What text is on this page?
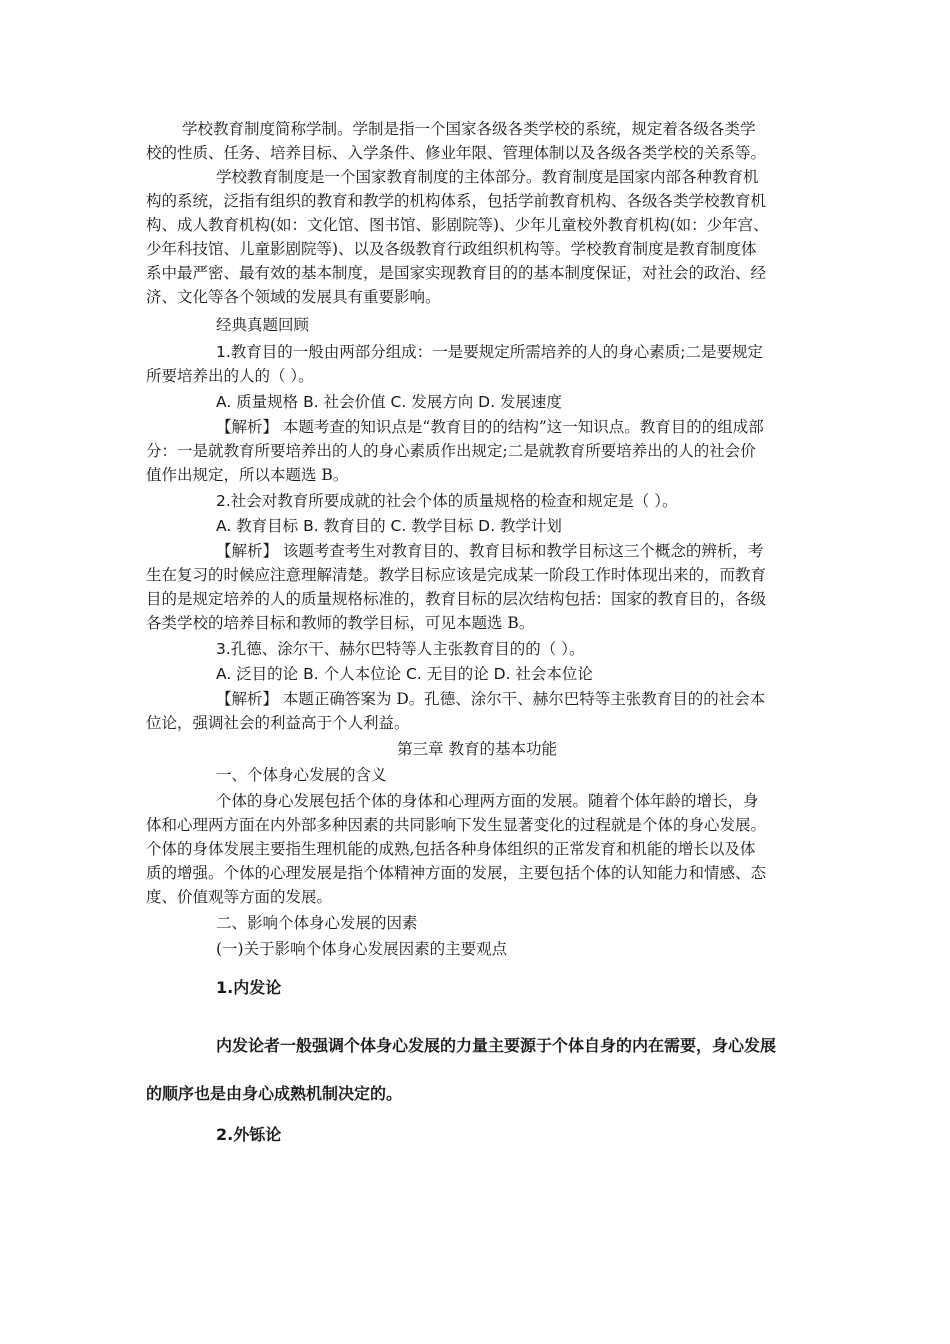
学校教育制度简称学制。学制是指一个国家各级各类学校的系统，规定着各级各类学
校的性质、任务、培养目标、入学条件、修业年限、管理体制以及各级各类学校的关系等。

学校教育制度是一个国家教育制度的主体部分。教育制度是国家内部各种教育机
构的系统，泛指有组织的教育和教学的机构体系，包括学前教育机构、各级各类学校教育机
构、成人教育机构(如：文化馆、图书馆、影剧院等)、少年儿童校外教育机构(如：少年宫、
少年科技馆、儿童影剧院等)、以及各级教育行政组织机构等。学校教育制度是教育制度体
系中最严密、最有效的基本制度，是国家实现教育目的的基本制度保证，对社会的政治、经
济、文化等各个领域的发展具有重要影响。

经典真题回顾

1.教育目的一般由两部分组成：一是要规定所需培养的人的身心素质;二是要规定
所要培养出的人的（ ）。

A. 质量规格 B. 社会价值 C. 发展方向 D. 发展速度

【解析】 本题考查的知识点是“教育目的的结构”这一知识点。教育目的的组成部
分：一是就教育所要培养出的人的身心素质作出规定;二是就教育所要培养出的人的社会价
值作出规定，所以本题选 B。

2.社会对教育所要成就的社会个体的质量规格的检查和规定是（ ）。

A. 教育目标 B. 教育目的 C. 教学目标 D. 教学计划

【解析】 该题考查考生对教育目的、教育目标和教学目标这三个概念的辨析，考
生在复习的时候应注意理解清楚。教学目标应该是完成某一阶段工作时体现出来的，而教育
目的是规定培养的人的质量规格标准的，教育目标的层次结构包括：国家的教育目的，各级
各类学校的培养目标和教师的教学目标，可见本题选 B。

3.孔德、涂尔干、赫尔巴特等人主张教育目的的（ ）。

A. 泛目的论 B. 个人本位论 C. 无目的论 D. 社会本位论

【解析】 本题正确答案为 D。孔德、涂尔干、赫尔巴特等主张教育目的的社会本
位论，强调社会的利益高于个人利益。

第三章 教育的基本功能

一、个体身心发展的含义

个体的身心发展包括个体的身体和心理两方面的发展。随着个体年龄的增长，身
体和心理两方面在内外部多种因素的共同影响下发生显著变化的过程就是个体的身心发展。
个体的身体发展主要指生理机能的成熟,包括各种身体组织的正常发育和机能的增长以及体
质的增强。个体的心理发展是指个体精神方面的发展，主要包括个体的认知能力和情感、态
度、价值观等方面的发展。

二、影响个体身心发展的因素

(一)关于影响个体身心发展因素的主要观点

1.内发论

内发论者一般强调个体身心发展的力量主要源于个体自身的内在需要，身心发展
的顺序也是由身心成熟机制决定的。

2.外铄论
